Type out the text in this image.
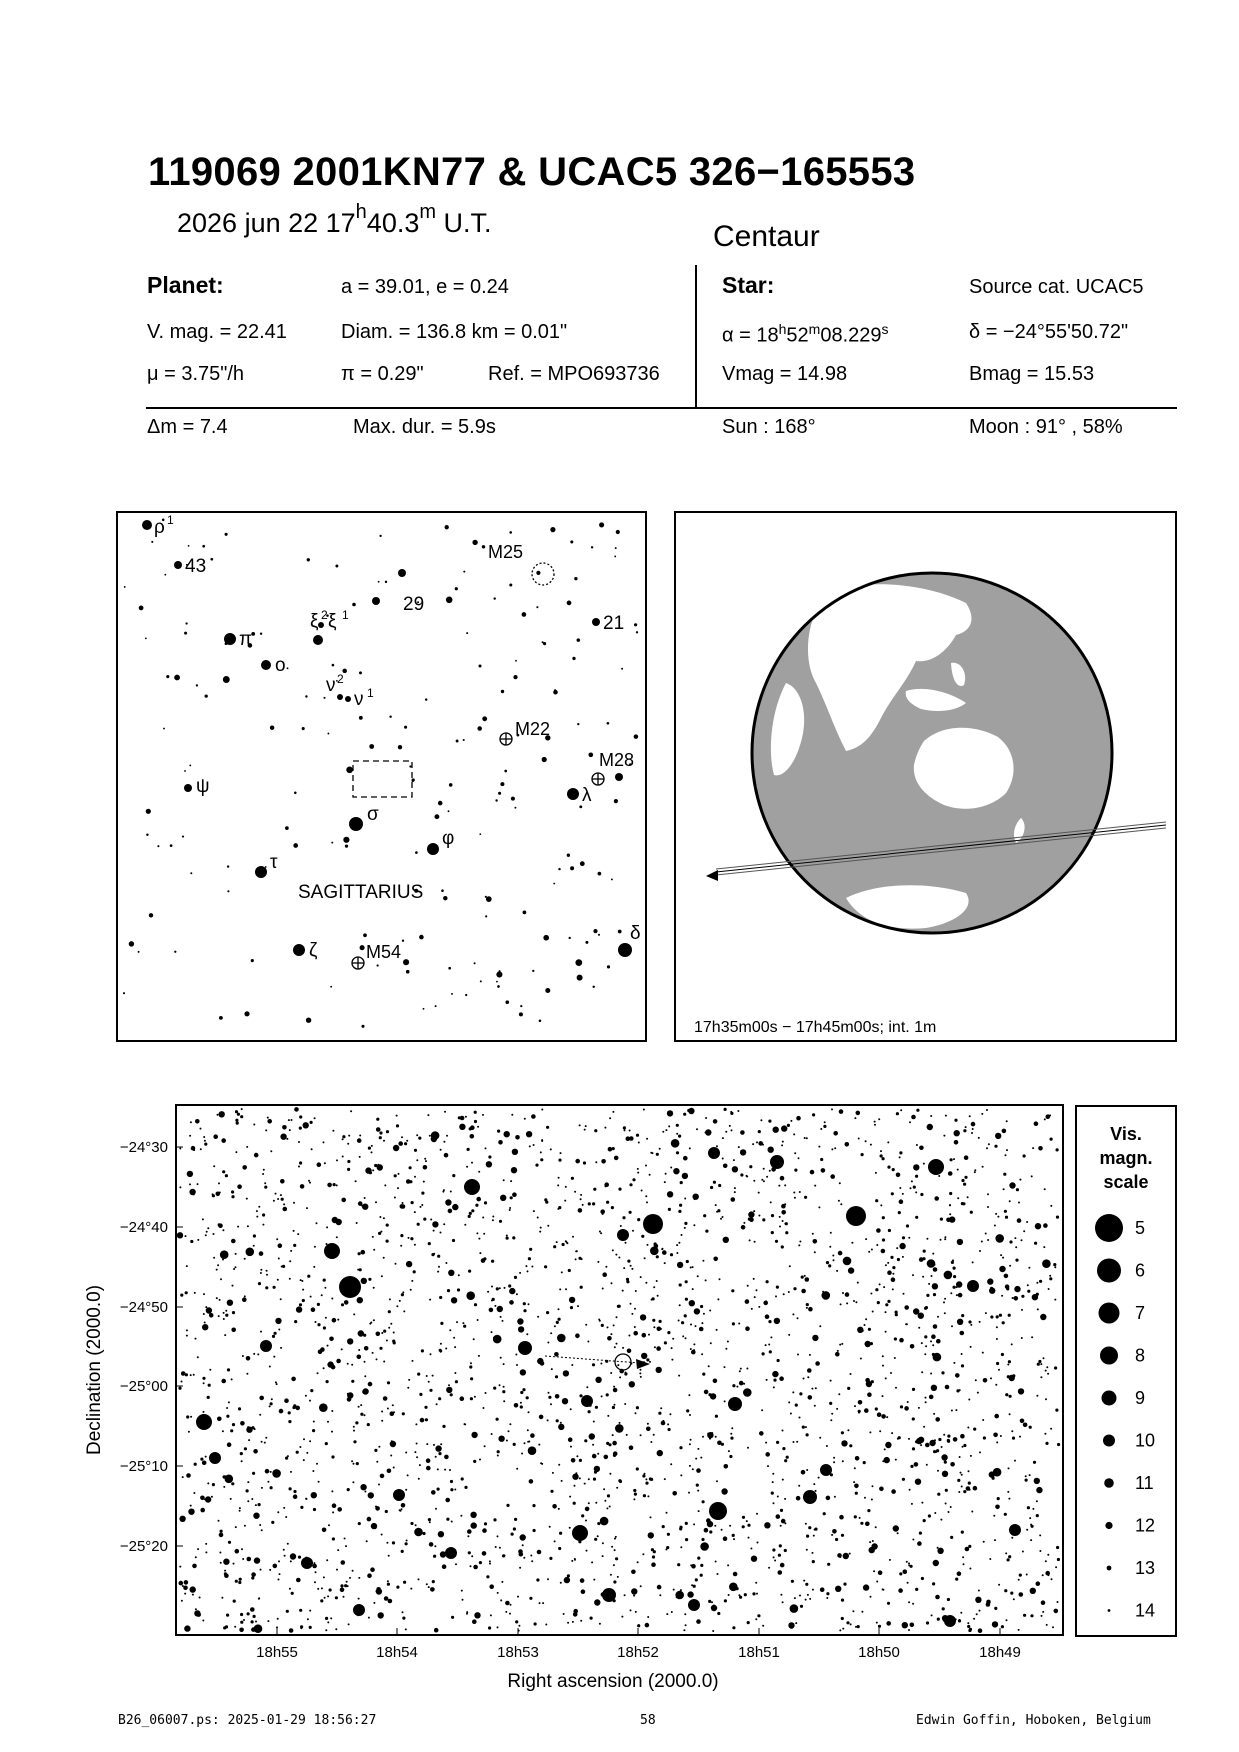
119069 2001KN77 & UCAC5 326−165553
2026 jun 22 17$^h$40.3$^m$ U.T.	Centaur
Planet:	a = 39.01, e = 0.24
V. mag. = 22.41	Diam. = 136.8 km = 0.01"
μ = 3.75"/h	π = 0.29"	Ref. = MPO693736
Star:	Source cat. UCAC5
$\alpha = 18^h52^m08.229^s$	δ = −24°55'50.72"
Vmag = 14.98	Bmag = 15.53
Δm = 7.4	Max. dur. = 5.9s	Sun : 168°	Moon : 91° , 58%
ρ 1
43
M25
29
21
ξ 2 ξ 1
π
ο
ν 2
ν 1
M22
M28
ψ	λ
σ
φ
τ
δ
ζ	M54
SAGITTARIUS
17h35m00s − 17h45m00s; int. 1m
−24°30
−24°40
−24°50
−25°00
−25°10
−25°20
18h55	18h54	18h53	18h52	18h51	18h50	18h49
Right ascension (2000.0)
Declination (2000.0)
Vis.
magn.
scale
5
6
7
8
9
10
11
12
13
14
B26_06007.ps: 2025-01-29 18:56:27	58	Edwin Goffin, Hoboken, Belgium
